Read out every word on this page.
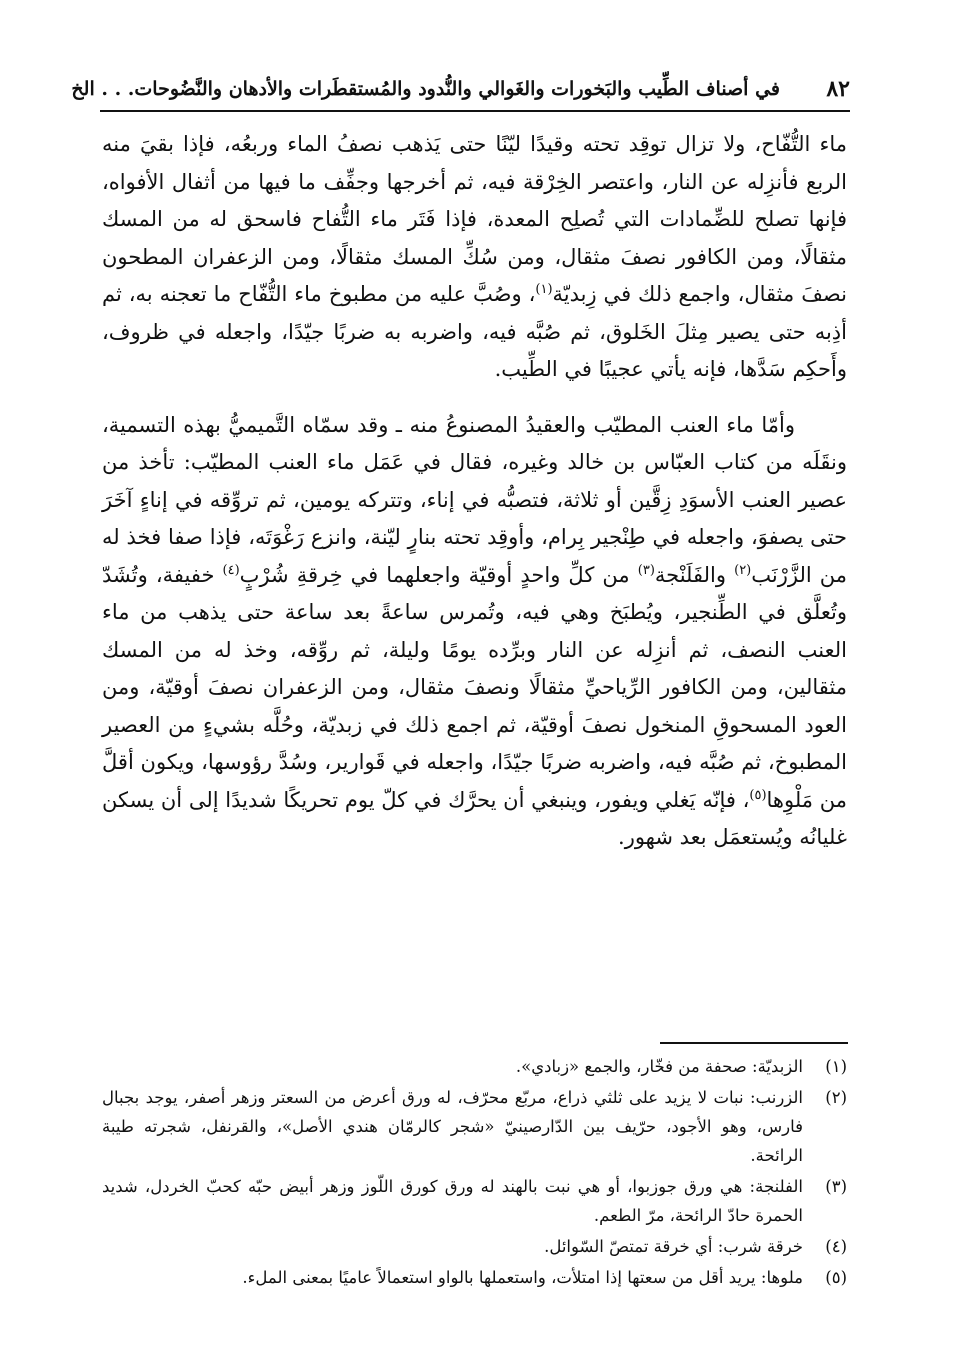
٨٢
في أصناف الطِّيب والبَخورات والغَوالي والنُّدود والمُستقطَرات والأدهان والنَّضُوحات. . . الخ

ماء التُّفّاح، ولا تزال توقِد تحته وقيدًا ليّنًا حتى يَذهب نصفُ الماء وربعُه، فإذا بقيَ منه الربع فأنزِله عن النار، واعتصر الخِرْقة فيه، ثم أخرجها وجفِّف ما فيها من أثفال الأفواه، فإنها تصلح للضِّمادات التي تُصلِح المعدة، فإذا فَتَر ماء التُّفاح فاسحق له من المسك مثقالًا، ومن الكافور نصفَ مثقال، ومن سُكِّ المسك مثقالًا، ومن الزعفران المطحون نصفَ مثقال، واجمع ذلك في زِبديّة$^{(١)}$، وصُبَّ عليه من مطبوخ ماء التُّفّاح ما تعجنه به، ثم أذِبه حتى يصير مِثلَ الخَلوق، ثم صُبَّه فيه، واضربه به ضربًا جيّدًا، واجعله في ظروف، وأَحكِم سَدَّها، فإنه يأتي عجيبًا في الطِّيب.

وأمّا ماء العنب المطيّب والعقيدُ المصنوعُ منه ـ وقد سمّاه التَّميميُّ بهذه التسمية، ونقَلَه من كتاب العبّاس بن خالد وغيره، فقال في عَمَل ماء العنب المطيّب: تأخذ من عصير العنب الأسوَدِ زِقَّين أو ثلاثة، فتصبُّه في إناء، وتتركه يومين، ثم تروِّقه في إناءٍ آخَرَ حتى يصفوَ، واجعله في طِنْجير بِرام، وأوقِد تحته بنارٍ ليّنة، وانزع رَغْوَتَه، فإذا صفا فخذ له من الزَّرْنَب$^{(٢)}$ والفَلَنْجة$^{(٣)}$ من كلِّ واحدٍ أوقيّة واجعلهما في خِرقةِ شُرْبٍ$^{(٤)}$ خفيفة، وتُشَدّ وتُعلَّق في الطِّنجير، ويُطبَخ وهي فيه، وتُمرس ساعةً بعد ساعة حتى يذهب من ماء العنب النصف، ثم أنزِله عن النار وبرِّده يومًا وليلة، ثم روِّقه، وخذ له من المسك مثقالين، ومن الكافور الرِّياحيِّ مثقالًا ونصفَ مثقال، ومن الزعفران نصفَ أوقيّة، ومن العود المسحوقِ المنخول نصفَ أوقيّة، ثم اجمع ذلك في زبديّة، وحُلَّه بشيءٍ من العصير المطبوخ، ثم صُبَّه فيه، واضربه ضربًا جيّدًا، واجعله في قَوارير، وسُدَّ رؤوسها، ويكون أقلَّ من مَلْوِها$^{(٥)}$، فإنّه يَغلي ويفور، وينبغي أن يحرَّك في كلّ يوم تحريكًا شديدًا إلى أن يسكن غليانُه ويُستعمَل بعد شهور.

(١)
الزبديّة: صحفة من فخّار، والجمع «زبادي».
(٢)
الزرنب: نبات لا يزيد على ثلثي ذراع، مربّع محرّف، له ورق أعرض من السعتر وزهر أصفر، يوجد بجبال فارس، وهو الأجود، حرّيف بين الدّارصينيّ «شجر كالرمّان هندي الأصل»، والقرنفل، شجرته طيبة الرائحة.
(٣)
الفلنجة: هي ورق جوزبوا، أو هي نبت بالهند له ورق كورق اللّوز وزهر أبيض حبّه كحبّ الخردل، شديد الحمرة حادّ الرائحة، مرّ الطعم.
(٤)
خرقة شرب: أي خرقة تمتصّ السّوائل.
(٥)
ملوها: يريد أقل من سعتها إذا امتلأت، واستعملها بالواو استعمالاً عاميًا بمعنى الملء.
